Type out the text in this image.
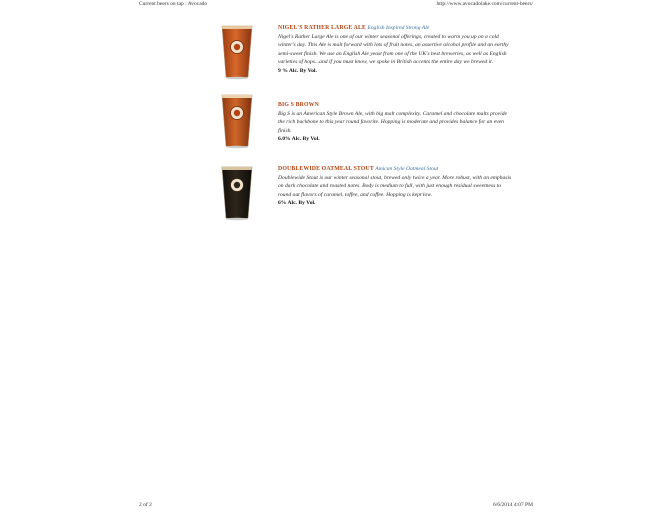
Current beers on tap : Avocado	http://www.avocadolake.com/current-beers/
NIGEL'S RATHER LARGE ALE English Inspired Strong Ale
Nigel's Rather Large Ale is one of our winter seasonal offerings, created to warm you up on a cold winter's day. This Ale is malt forward with lots of fruit notes, an assertive alcohol profile and an earthy semi-sweet finish. We use an English Ale yeast from one of the UK's best breweries, as well as English varieties of hops...and if you must know, we spoke in British accents the entire day we brewed it.
9 % Alc. By Vol.
BIG S BROWN
Big S is an American Style Brown Ale, with big malt complexity. Caramel and chocolate malts provide the rich backbone to this year round favorite. Hopping is moderate and provides balance for an even finish.
6.0% Alc. By Vol.
DOUBLEWIDE OATMEAL STOUT Amican Style Oatmeal Stout
Doublewide Stout is our winter seasonal stout, brewed only twice a year. More robust, with an emphasis on dark chocolate and roasted notes. Body is medium to full, with just enough residual sweetness to round out flavors of caramel, toffee, and coffee. Hopping is kept low.
6% Alc. By Vol.
2 of 2	6/6/2014 4:07 PM
